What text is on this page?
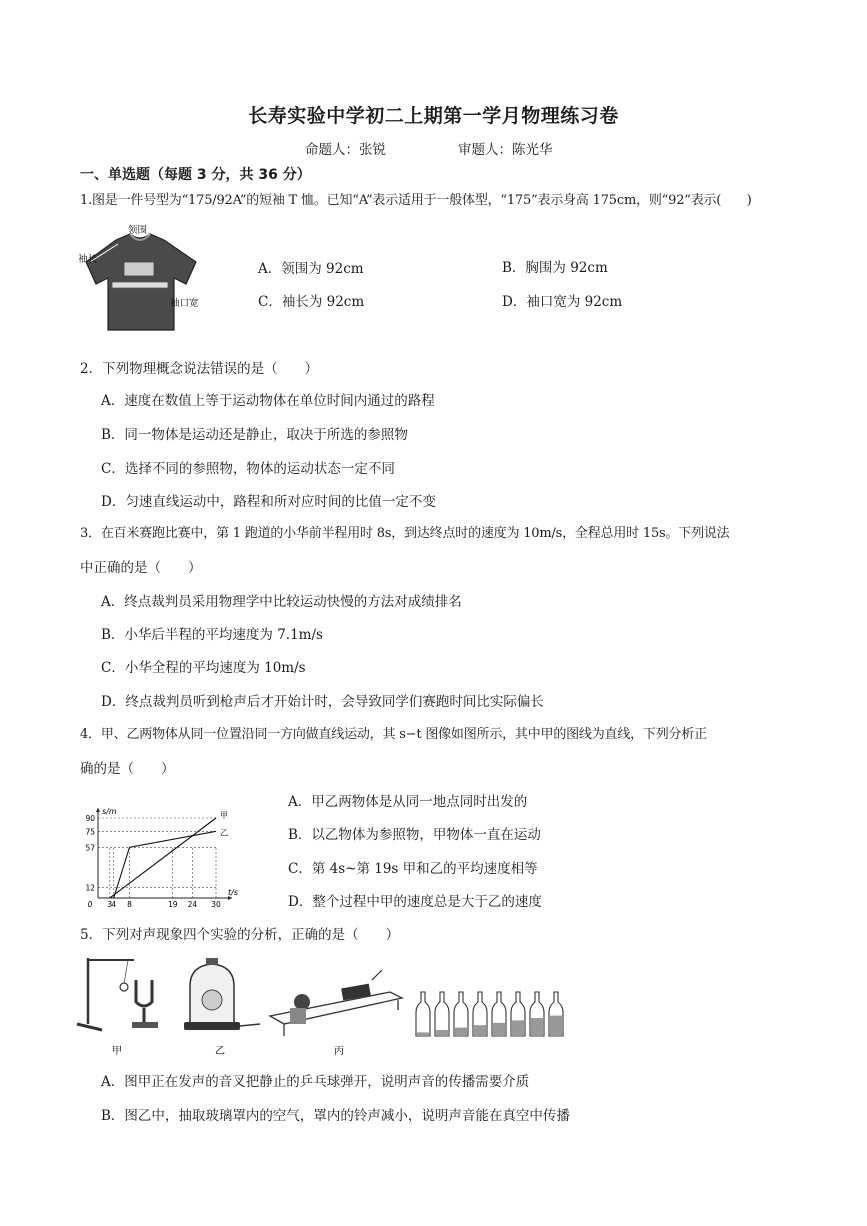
长寿实验中学初二上期第一学月物理练习卷
命题人：张锐	审题人：陈光华
一、单选题（每题 3 分，共 36 分）
1.图是一件号型为“175/92A”的短袖 T 恤。已知“A”表示适用于一般体型，“175”表示身高 175cm，则“92”表示(　　)
领围
袖长
袖口宽
A．领围为 92cm	B．胸围为 92cm
C．袖长为 92cm	D．袖口宽为 92cm
2．下列物理概念说法错误的是（　　）
A．速度在数值上等于运动物体在单位时间内通过的路程
B．同一物体是运动还是静止，取决于所选的参照物
C．选择不同的参照物，物体的运动状态一定不同
D．匀速直线运动中，路程和所对应时间的比值一定不变
3．在百米赛跑比赛中，第 1 跑道的小华前半程用时 8s，到达终点时的速度为 10m/s，全程总用时 15s。下列说法
中正确的是（　　）
A．终点裁判员采用物理学中比较运动快慢的方法对成绩排名
B．小华后半程的平均速度为 7.1m/s
C．小华全程的平均速度为 10m/s
D．终点裁判员听到枪声后才开始计时，会导致同学们赛跑时间比实际偏长
4．甲、乙两物体从同一位置沿同一方向做直线运动，其 s−t 图像如图所示，其中甲的图线为直线，下列分析正
确的是（　　）
s/m
t/s
12
57
75
90
0 3 4 8	19 24 30
甲
乙
A．甲乙两物体是从同一地点同时出发的
B．以乙物体为参照物，甲物体一直在运动
C．第 4s~第 19s 甲和乙的平均速度相等
D．整个过程中甲的速度总是大于乙的速度
5．下列对声现象四个实验的分析，正确的是（　　）
甲	乙	丙
A．图甲正在发声的音叉把静止的乒乓球弹开，说明声音的传播需要介质
B．图乙中，抽取玻璃罩内的空气，罩内的铃声减小，说明声音能在真空中传播
